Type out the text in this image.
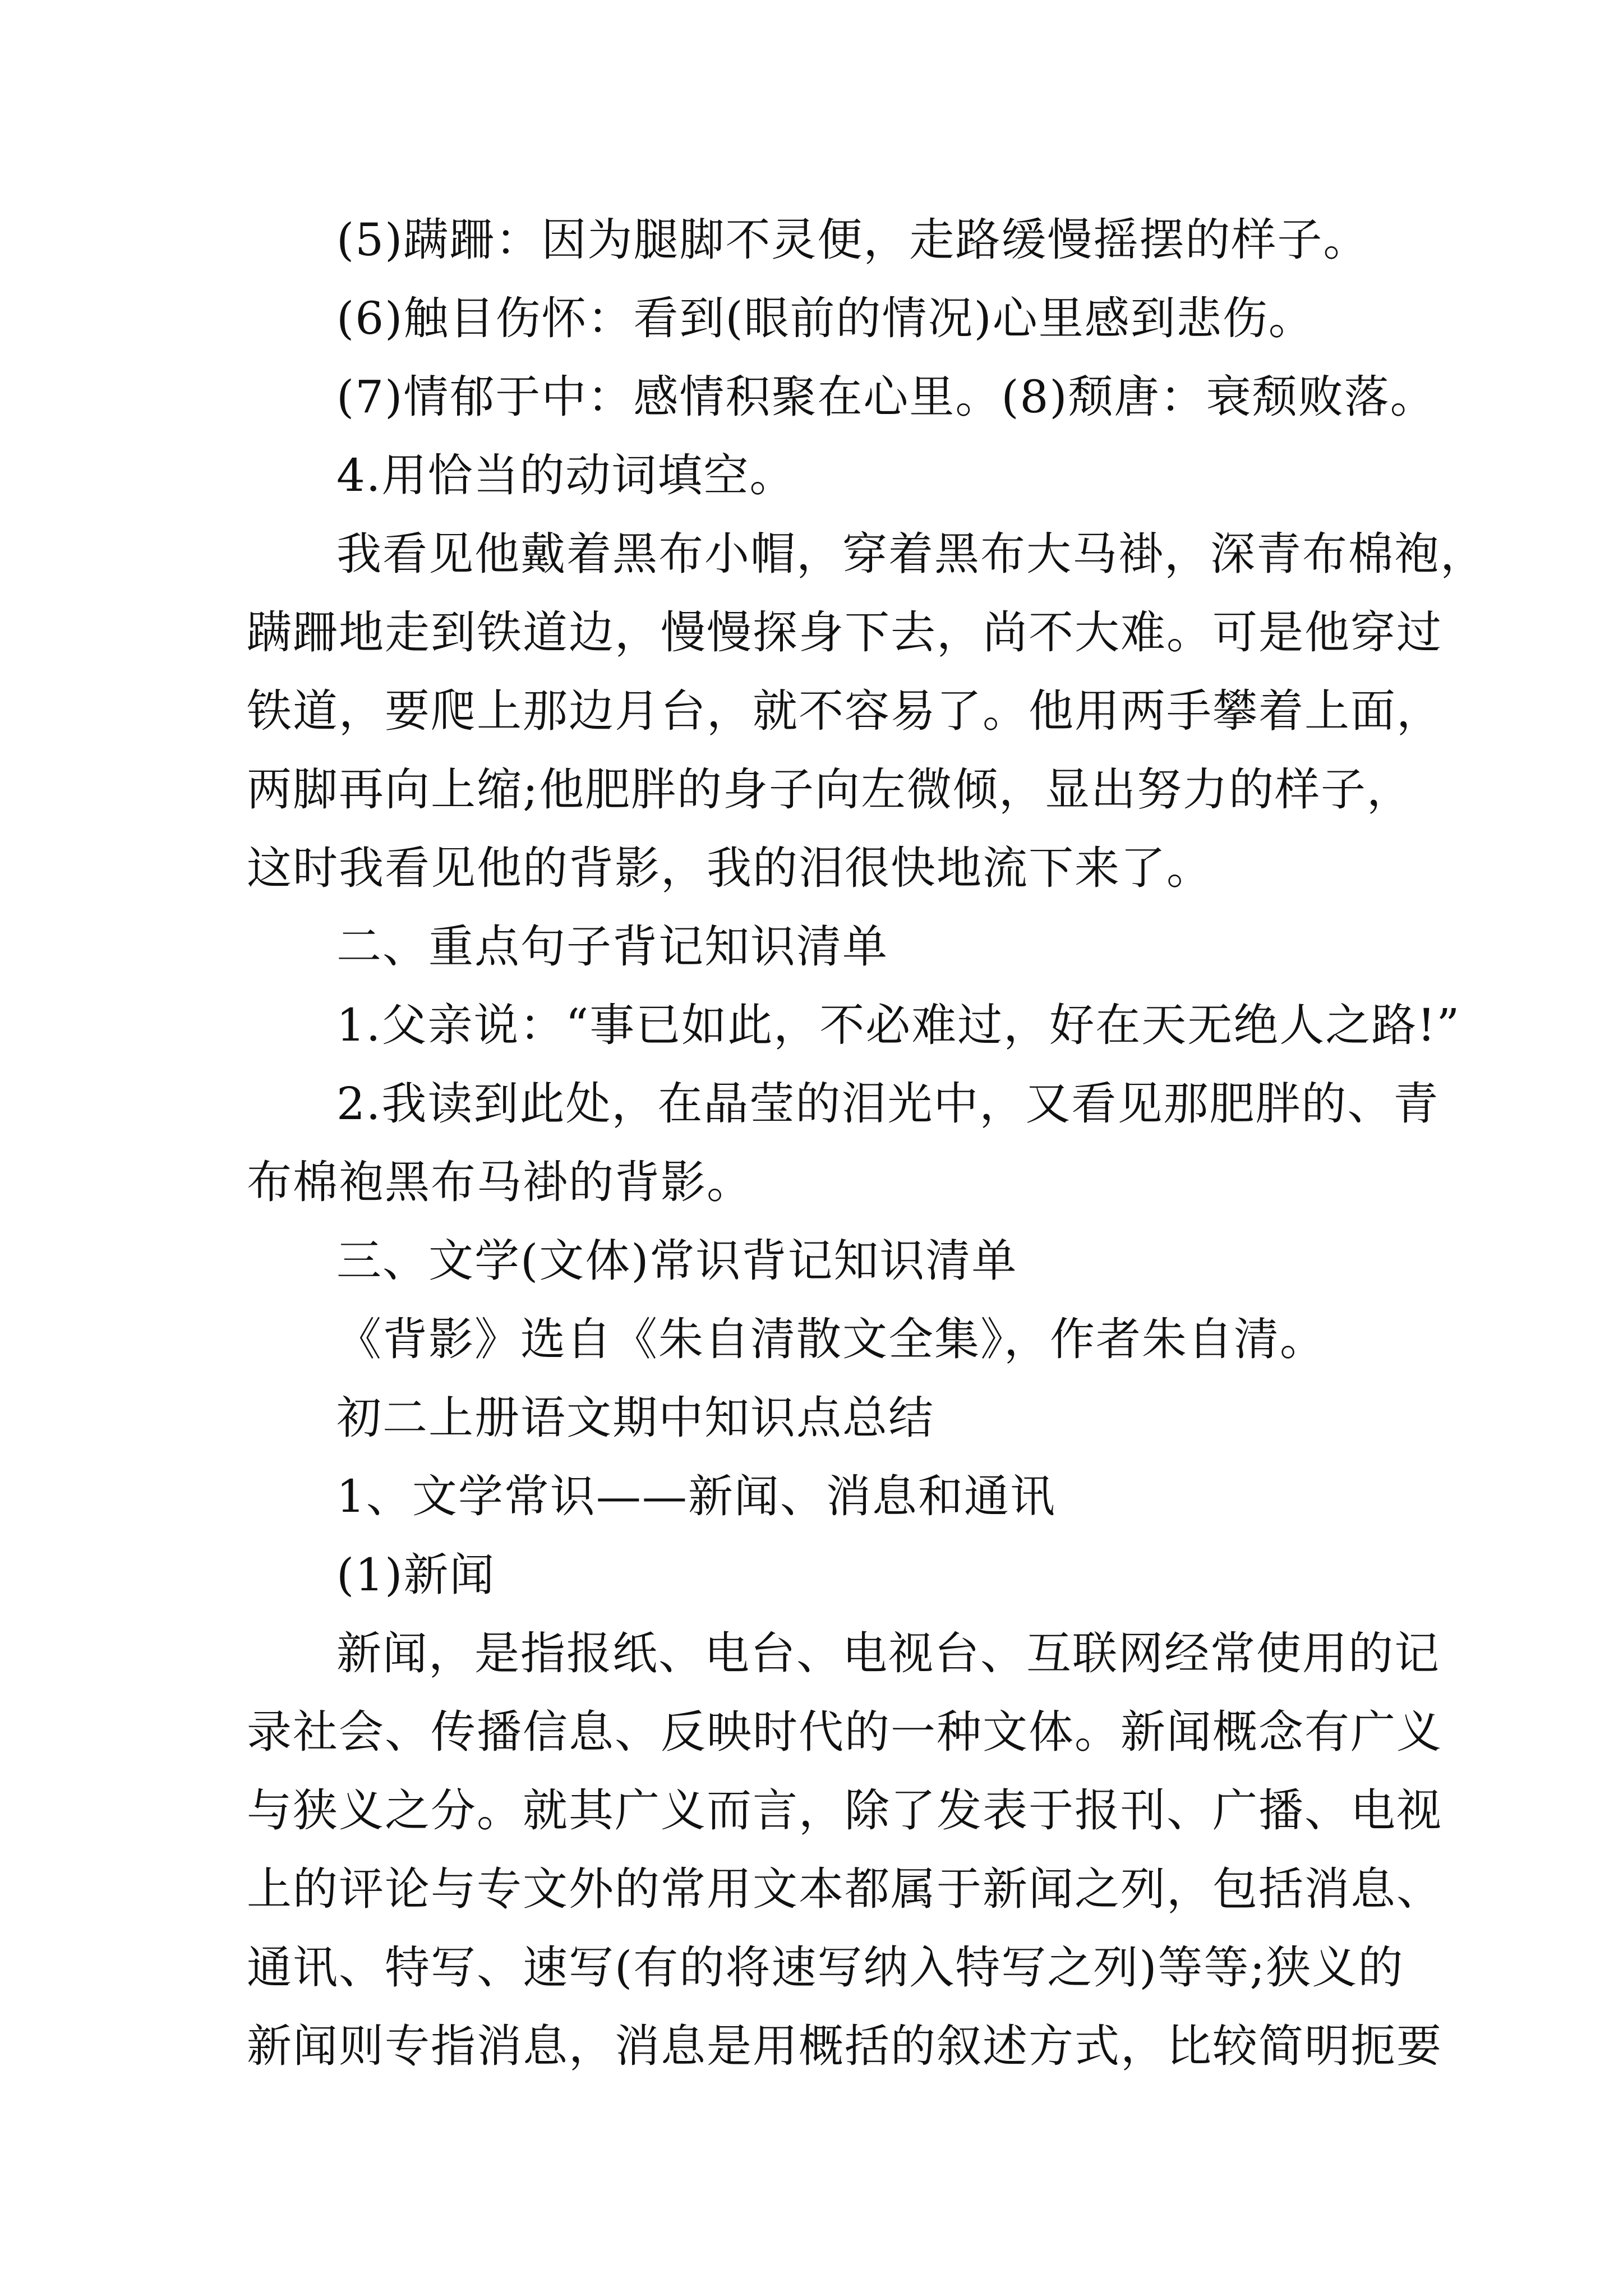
(5)蹒跚：因为腿脚不灵便，走路缓慢摇摆的样子。
(6)触目伤怀：看到(眼前的情况)心里感到悲伤。
(7)情郁于中：感情积聚在心里。(8)颓唐：衰颓败落。
4.用恰当的动词填空。
我看见他戴着黑布小帽，穿着黑布大马褂，深青布棉袍，
蹒跚地走到铁道边，慢慢探身下去，尚不大难。可是他穿过
铁道，要爬上那边月台，就不容易了。他用两手攀着上面，
两脚再向上缩;他肥胖的身子向左微倾，显出努力的样子，
这时我看见他的背影，我的泪很快地流下来了。
二、重点句子背记知识清单
1.父亲说：“事已如此，不必难过，好在天无绝人之路!”
2.我读到此处，在晶莹的泪光中，又看见那肥胖的、青
布棉袍黑布马褂的背影。
三、文学(文体)常识背记知识清单
《背影》选自《朱自清散文全集》，作者朱自清。
初二上册语文期中知识点总结
1、文学常识——新闻、消息和通讯
(1)新闻
新闻，是指报纸、电台、电视台、互联网经常使用的记
录社会、传播信息、反映时代的一种文体。新闻概念有广义
与狭义之分。就其广义而言，除了发表于报刊、广播、电视
上的评论与专文外的常用文本都属于新闻之列，包括消息、
通讯、特写、速写(有的将速写纳入特写之列)等等;狭义的
新闻则专指消息，消息是用概括的叙述方式，比较简明扼要
